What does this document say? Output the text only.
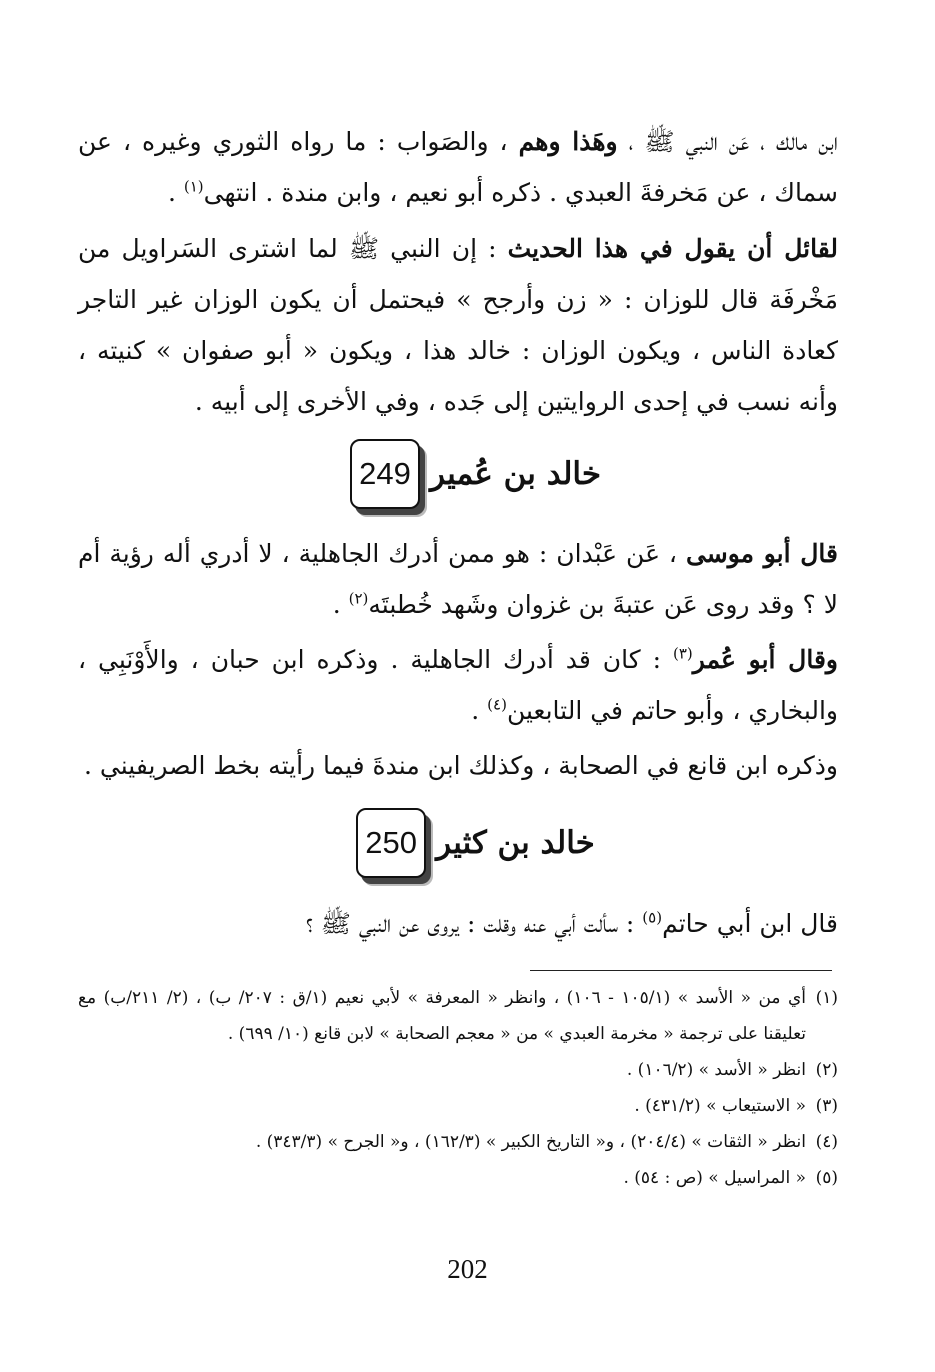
ابن مالك ، عَن النبي ﷺ ، وهَذا وهم ، والصَواب : ما رواه الثوري وغيره ، عن سماك ، عن مَخرفةَ العبدي . ذكره أبو نعيم ، وابن مندة . انتهى$^{(١)}$ .

لقائل أن يقول في هذا الحديث : إن النبي ﷺ لما اشترى السَراويل من مَخْرفَة قال للوزان : « زن وأرجح » فيحتمل أن يكون الوزان غير التاجر كعادة الناس ، ويكون الوزان : خالد هذا ، ويكون « أبو صفوان » كنيته ، وأنه نسب في إحدى الروايتين إلى جَده ، وفي الأخرى إلى أبيه .

249 خالد بن عُمير

قال أبو موسى ، عَن عَبْدان : هو ممن أدرك الجاهلية ، لا أدري أله رؤية أم لا ؟ وقد روى عَن عتبةَ بن غزوان وشَهد خُطبتَه$^{(٢)}$ .

وقال أبو عُمر$^{(٣)}$ : كان قد أدرك الجاهلية . وذكره ابن حبان ، والأَوْنَبِي ، والبخاري ، وأبو حاتم في التابعين$^{(٤)}$ .

وذكره ابن قانع في الصحابة ، وكذلك ابن مندةَ فيما رأيته بخط الصريفيني .

250 خالد بن كثير

قال ابن أبي حاتم$^{(٥)}$ : سألت أبي عنه وقلت : يروى عن النبي ﷺ ؟

(١)
أي من « الأسد » (١٠٥/١ - ١٠٦) ، وانظر « المعرفة » لأبي نعيم (١/ق : ٢٠٧/ ب) ، (٢/ ٢١١/ب) مع تعليقنا على ترجمة « مخرمة العبدي » من « معجم الصحابة » لابن قانع (١٠/ ٦٩٩) .
(٢)
انظر « الأسد » (١٠٦/٢) .
(٣)
« الاستيعاب » (٤٣١/٢) .
(٤)
انظر « الثقات » (٢٠٤/٤) ، و« التاريخ الكبير » (١٦٢/٣) ، و« الجرح » (٣٤٣/٣) .
(٥)
« المراسيل » (ص : ٥٤) .
202
